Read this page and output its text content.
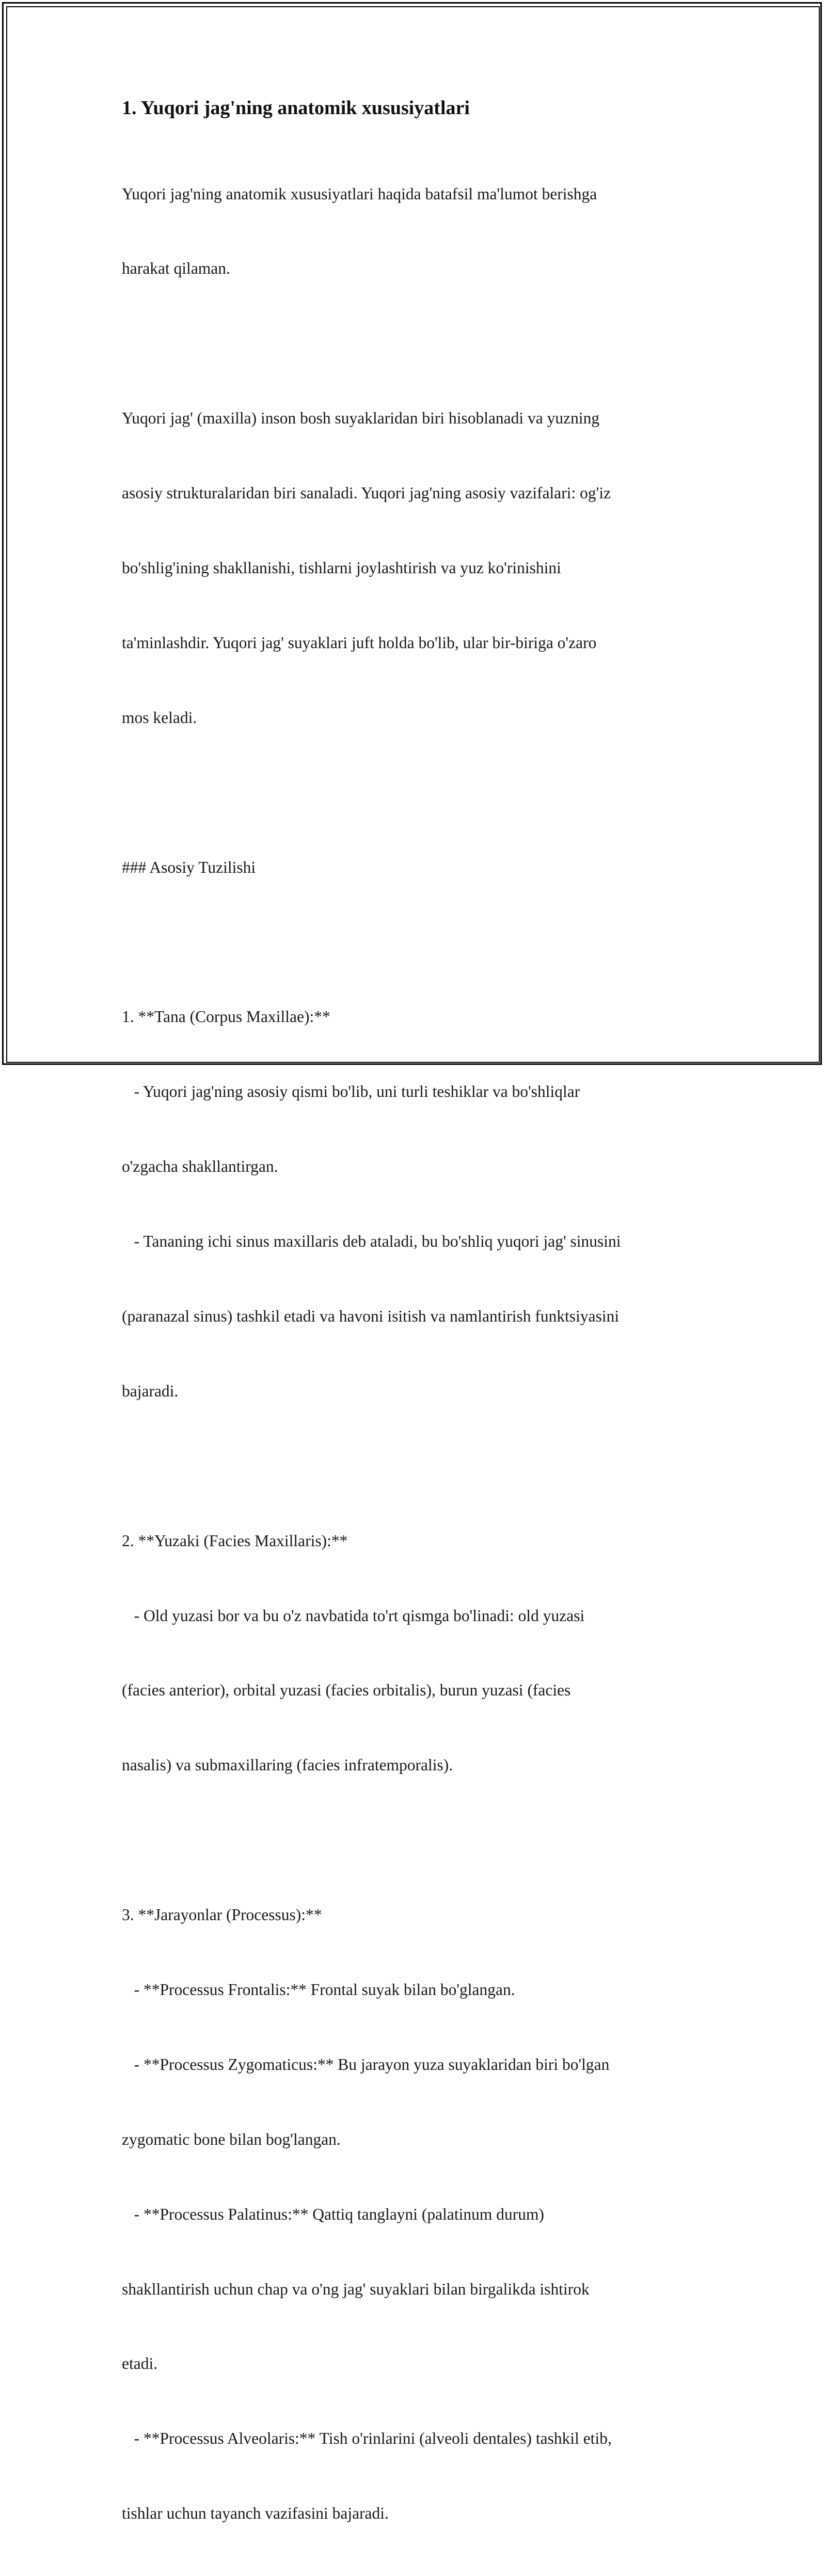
1. Yuqori jag'ning anatomik xususiyatlari

Yuqori jag'ning anatomik xususiyatlari haqida batafsil ma'lumot berishga

harakat qilaman.

Yuqori jag' (maxilla) inson bosh suyaklaridan biri hisoblanadi va yuzning

asosiy strukturalaridan biri sanaladi. Yuqori jag'ning asosiy vazifalari: og'iz

bo'shlig'ining shakllanishi, tishlarni joylashtirish va yuz ko'rinishini

ta'minlashdir. Yuqori jag' suyaklari juft holda bo'lib, ular bir-biriga o'zaro

mos keladi.

### Asosiy Tuzilishi

1. **Tana (Corpus Maxillae):**

- Yuqori jag'ning asosiy qismi bo'lib, uni turli teshiklar va bo'shliqlar

o'zgacha shakllantirgan.

- Tananing ichi sinus maxillaris deb ataladi, bu bo'shliq yuqori jag' sinusini

(paranazal sinus) tashkil etadi va havoni isitish va namlantirish funktsiyasini

bajaradi.

2. **Yuzaki (Facies Maxillaris):**

- Old yuzasi bor va bu o'z navbatida to'rt qismga bo'linadi: old yuzasi

(facies anterior), orbital yuzasi (facies orbitalis), burun yuzasi (facies

nasalis) va submaxillaring (facies infratemporalis).

3. **Jarayonlar (Processus):**

- **Processus Frontalis:** Frontal suyak bilan bo'glangan.

- **Processus Zygomaticus:** Bu jarayon yuza suyaklaridan biri bo'lgan

zygomatic bone bilan bog'langan.

- **Processus Palatinus:** Qattiq tanglayni (palatinum durum)

shakllantirish uchun chap va o'ng jag' suyaklari bilan birgalikda ishtirok

etadi.

- **Processus Alveolaris:** Tish o'rinlarini (alveoli dentales) tashkil etib,

tishlar uchun tayanch vazifasini bajaradi.
